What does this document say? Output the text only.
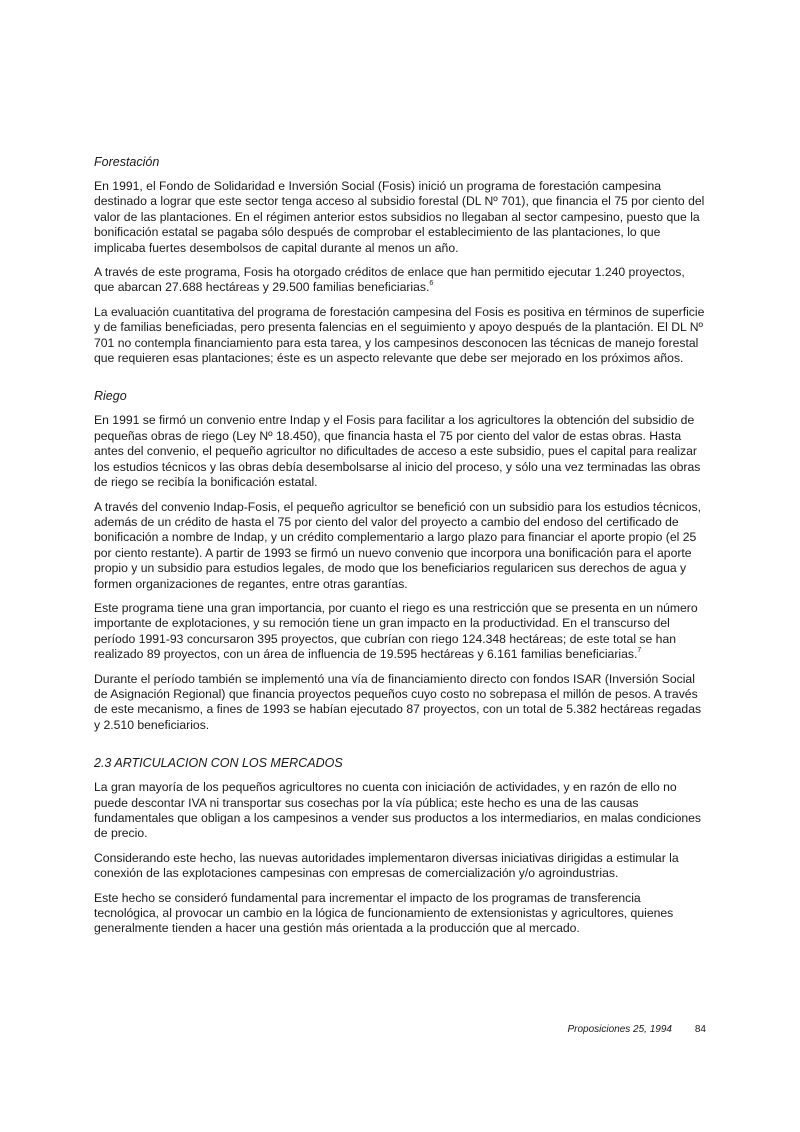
Forestación

En 1991, el Fondo de Solidaridad e Inversión Social (Fosis) inició un programa de forestación campesina destinado a lograr que este sector tenga acceso al subsidio forestal (DL Nº 701), que financia el 75 por ciento del valor de las plantaciones. En el régimen anterior estos subsidios no llegaban al sector campesino, puesto que la bonificación estatal se pagaba sólo después de comprobar el establecimiento de las plantaciones, lo que implicaba fuertes desembolsos de capital durante al menos un año.

A través de este programa, Fosis ha otorgado créditos de enlace que han permitido ejecutar 1.240 proyectos, que abarcan 27.688 hectáreas y 29.500 familias beneficiarias.$^6$

La evaluación cuantitativa del programa de forestación campesina del Fosis es positiva en términos de superficie y de familias beneficiadas, pero presenta falencias en el seguimiento y apoyo después de la plantación. El DL Nº 701 no contempla financiamiento para esta tarea, y los campesinos desconocen las técnicas de manejo forestal que requieren esas plantaciones; éste es un aspecto relevante que debe ser mejorado en los próximos años.

Riego

En 1991 se firmó un convenio entre Indap y el Fosis para facilitar a los agricultores la obtención del subsidio de pequeñas obras de riego (Ley Nº 18.450), que financia hasta el 75 por ciento del valor de estas obras. Hasta antes del convenio, el pequeño agricultor no dificultades de acceso a este subsidio, pues el capital para realizar los estudios técnicos y las obras debía desembolsarse al inicio del proceso, y sólo una vez terminadas las obras de riego se recibía la bonificación estatal.

A través del convenio Indap-Fosis, el pequeño agricultor se benefició con un subsidio para los estudios técnicos, además de un crédito de hasta el 75 por ciento del valor del proyecto a cambio del endoso del certificado de bonificación a nombre de Indap, y un crédito complementario a largo plazo para financiar el aporte propio (el 25 por ciento restante). A partir de 1993 se firmó un nuevo convenio que incorpora una bonificación para el aporte propio y un subsidio para estudios legales, de modo que los beneficiarios regularicen sus derechos de agua y formen organizaciones de regantes, entre otras garantías.

Este programa tiene una gran importancia, por cuanto el riego es una restricción que se presenta en un número importante de explotaciones, y su remoción tiene un gran impacto en la productividad. En el transcurso del período 1991-93 concursaron 395 proyectos, que cubrían con riego 124.348 hectáreas; de este total se han realizado 89 proyectos, con un área de influencia de 19.595 hectáreas y 6.161 familias beneficiarias.$^7$

Durante el período también se implementó una vía de financiamiento directo con fondos ISAR (Inversión Social de Asignación Regional) que financia proyectos pequeños cuyo costo no sobrepasa el millón de pesos. A través de este mecanismo, a fines de 1993 se habían ejecutado 87 proyectos, con un total de 5.382 hectáreas regadas y 2.510 beneficiarios.

2.3 ARTICULACION CON LOS MERCADOS

La gran mayoría de los pequeños agricultores no cuenta con iniciación de actividades, y en razón de ello no puede descontar IVA ni transportar sus cosechas por la vía pública; este hecho es una de las causas fundamentales que obligan a los campesinos a vender sus productos a los intermediarios, en malas condiciones de precio.

Considerando este hecho, las nuevas autoridades implementaron diversas iniciativas dirigidas a estimular la conexión de las explotaciones campesinas con empresas de comercialización y/o agroindustrias.

Este hecho se consideró fundamental para incrementar el impacto de los programas de transferencia tecnológica, al provocar un cambio en la lógica de funcionamiento de extensionistas y agricultores, quienes generalmente tienden a hacer una gestión más orientada a la producción que al mercado.

Proposiciones 25, 1994 84
